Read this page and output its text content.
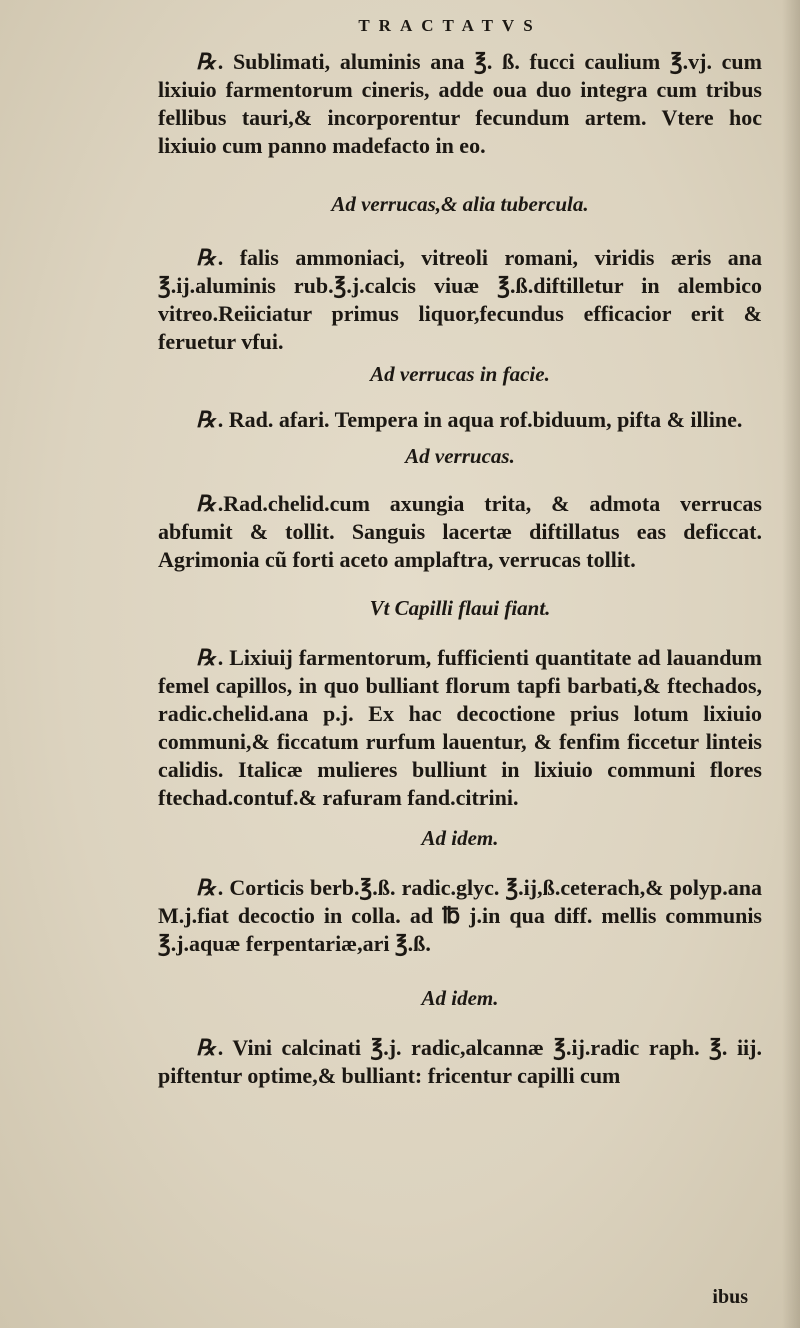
TRACTATVS

℞. Sublimati, aluminis ana ℥. ß. fucci caulium ℥.vj. cum lixiuio farmentorum cineris, adde oua duo integra cum tribus fellibus tauri,& incorporentur fecundum artem. Vtere hoc lixiuio cum panno madefacto in eo.

Ad verrucas,& alia tubercula.

℞. falis ammoniaci, vitreoli romani, viridis æris ana ℥.ij.aluminis rub.℥.j.calcis viuæ ℥.ß.diftilletur in alembico vitreo.Reiiciatur primus liquor,fecundus efficacior erit & feruetur vfui.

Ad verrucas in facie.

℞. Rad. afari. Tempera in aqua rof.biduum, pifta & illine.

Ad verrucas.

℞.Rad.chelid.cum axungia trita, & admota verrucas abfumit & tollit. Sanguis lacertæ diftillatus eas deficcat. Agrimonia cũ forti aceto amplaftra, verrucas tollit.

Vt Capilli flaui fiant.

℞. Lixiuij farmentorum, fufficienti quantitate ad lauandum femel capillos, in quo bulliant florum tapfi barbati,& ftechados, radic.chelid.ana p.j. Ex hac decoctione prius lotum lixiuio communi,& ficcatum rurfum lauentur, & fenfim ficcetur linteis calidis. Italicæ mulieres bulliunt in lixiuio communi flores ftechad.contuf.& rafuram fand.citrini.

Ad idem.

℞. Corticis berb.℥.ß. radic.glyc. ℥.ij,ß.ceterach,& polyp.ana M.j.fiat decoctio in colla. ad ℔ j.in qua diff. mellis communis ℥.j.aquæ ferpentariæ,ari ℥.ß.

Ad idem.

℞. Vini calcinati ℥.j. radic,alcannæ ℥.ij.radic raph. ℥. iij. piftentur optime,& bulliant: fricentur capilli cum

ibus
